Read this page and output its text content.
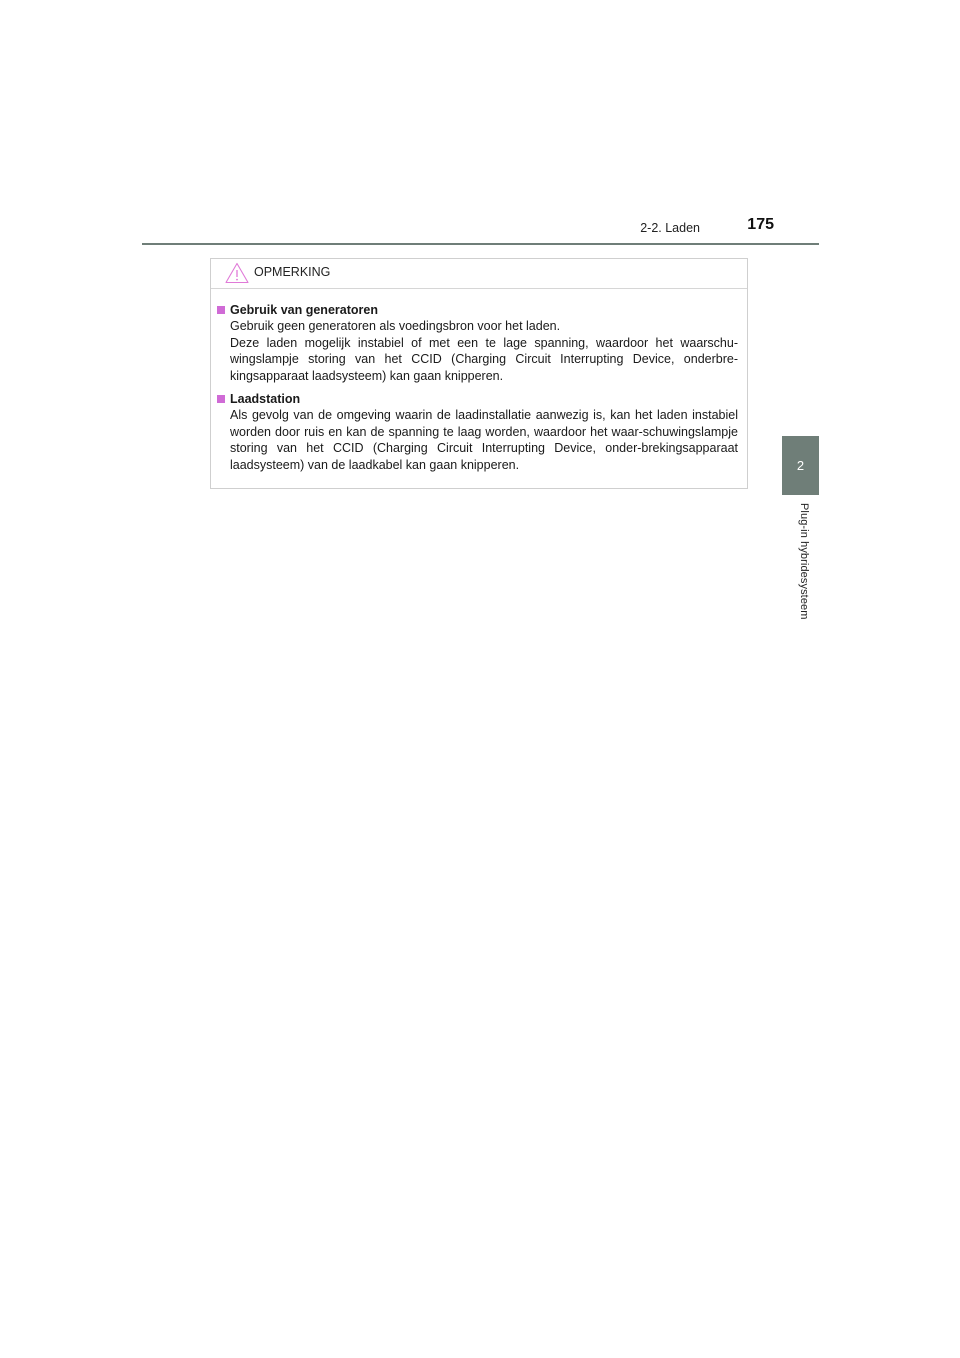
2-2. Laden	175
2
Plug-in hybridesysteem
OPMERKING
Gebruik van generatoren

Gebruik geen generatoren als voedingsbron voor het laden.

Deze laden mogelijk instabiel of met een te lage spanning, waardoor het waarschu-wingslampje storing van het CCID (Charging Circuit Interrupting Device, onderbre-kingsapparaat laadsysteem) kan gaan knipperen.

Laadstation

Als gevolg van de omgeving waarin de laadinstallatie aanwezig is, kan het laden instabiel worden door ruis en kan de spanning te laag worden, waardoor het waar-schuwingslampje storing van het CCID (Charging Circuit Interrupting Device, onder-brekingsapparaat laadsysteem) van de laadkabel kan gaan knipperen.
